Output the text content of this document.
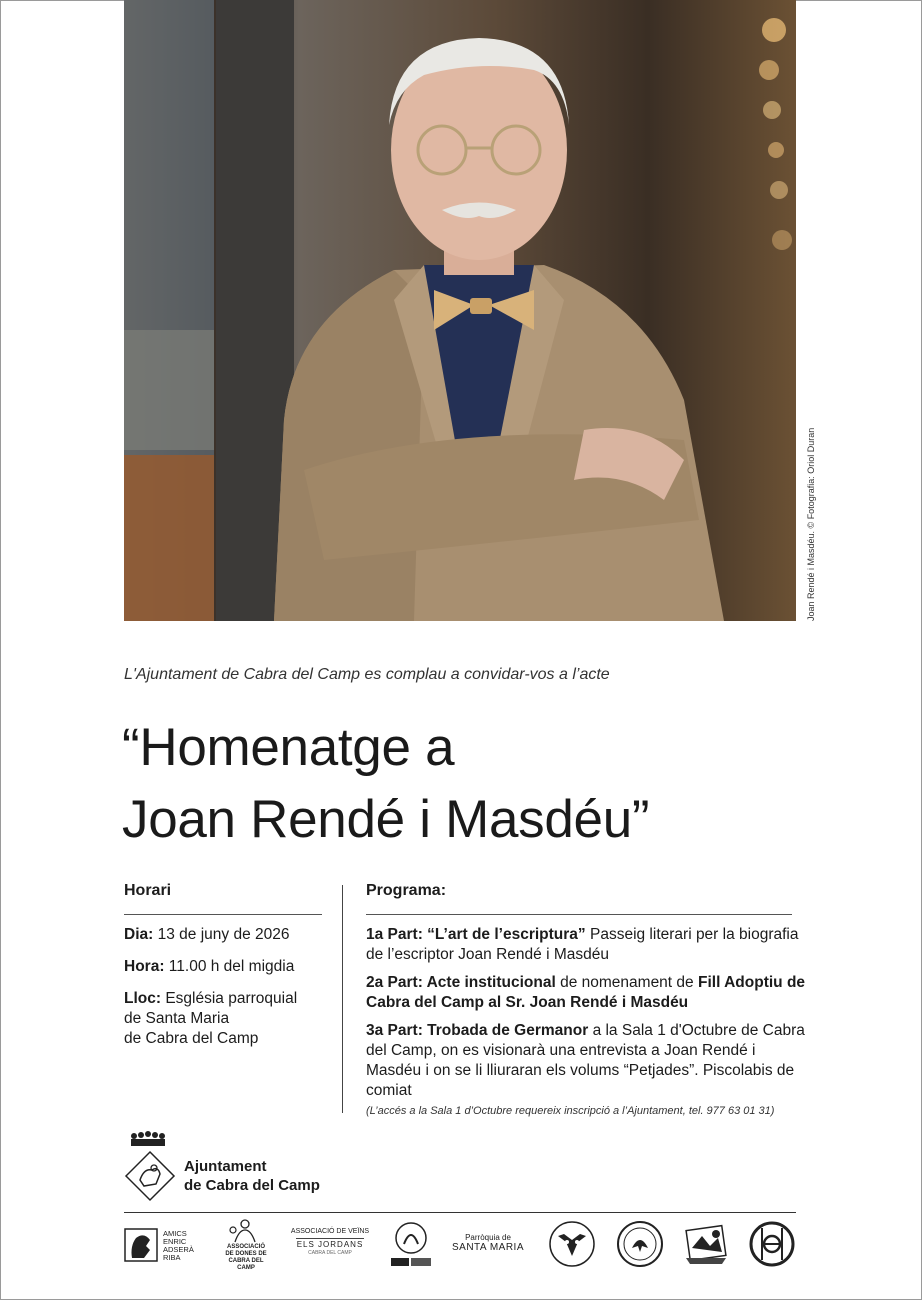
Joan Rendé i Masdéu. © Fotografia: Oriol Duran
L'Ajuntament de Cabra del Camp es complau a convidar-vos a l’acte
“Homenatge a
Joan Rendé i Masdéu”
Horari
Dia: 13 de juny de 2026
Hora: 11.00 h del migdia
Lloc: Església parroquial
de Santa Maria
de Cabra del Camp
Programa:
1a Part: “L’art de l’escriptura” Passeig literari per la biografia de l’escriptor Joan Rendé i Masdéu
2a Part: Acte institucional de nomenament de Fill Adoptiu de Cabra del Camp al Sr. Joan Rendé i Masdéu
3a Part: Trobada de Germanor a la Sala 1 d'Octubre de Cabra del Camp, on es visionarà una entrevista a Joan Rendé i Masdéu i on se li lliuraran els volums “Petjades”. Piscolabis de comiat
(L’accés a la Sala 1 d’Octubre requereix inscripció a l’Ajuntament, tel. 977 63 01 31)
Ajuntament
de Cabra del Camp
AMICS
ENRIC
ADSERÀ
RIBA
ASSOCIACIÓ
DE DONES DE
CABRA DEL CAMP
ASSOCIACIÓ DE VEÏNS
ELS JORDANS
CABRA DEL CAMP
Parròquia de
SANTA MARIA
